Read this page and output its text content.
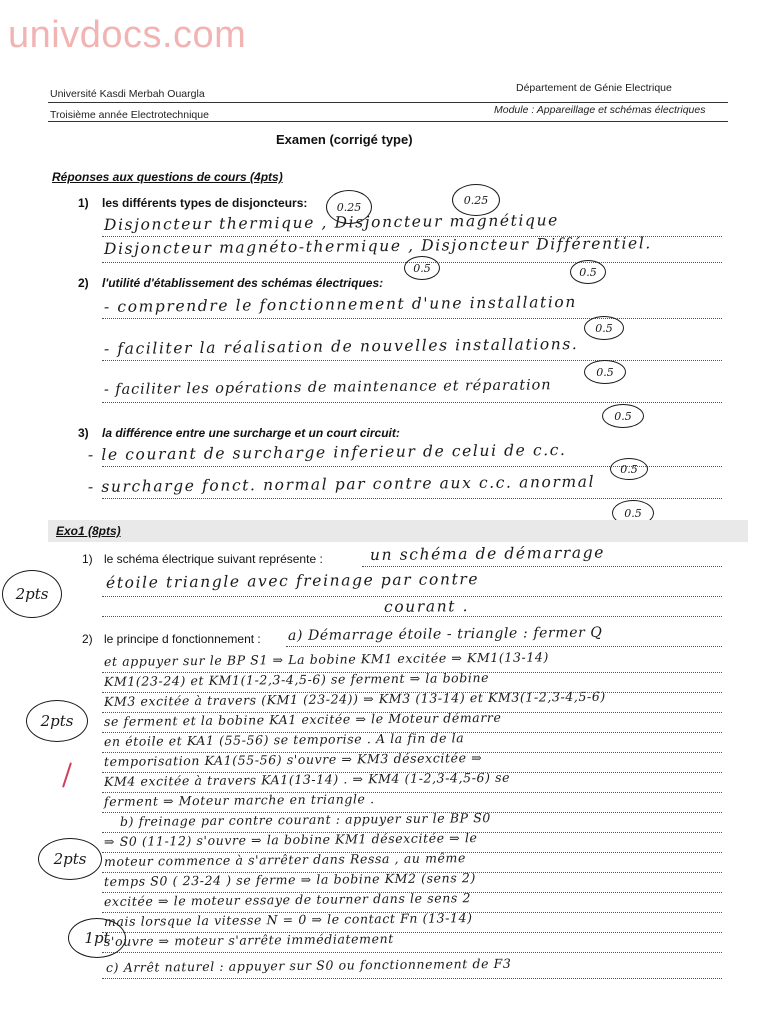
univdocs.com
Université Kasdi Merbah Ouargla	Département de Génie Electrique
Troisième année Electrotechnique	Module : Appareillage et schémas électriques
Examen (corrigé type)
Réponses aux questions de cours (4pts)
1) les différents types de disjoncteurs:	0.25
0.25
Disjoncteur thermique , Disjoncteur magnétique
Disjoncteur magnéto-thermique , Disjoncteur Différentiel.
0.5	0.5
2) l'utilité d'établissement des schémas électriques:
- comprendre le fonctionnement d'une installation
0.5
- faciliter la réalisation de nouvelles installations.
0.5
- faciliter les opérations de maintenance et réparation
0.5
3) la différence entre une surcharge et un court circuit:
- le courant de surcharge inferieur de celui de c.c.
0.5
- surcharge fonct. normal par contre aux c.c. anormal
0.5
Exo1 (8pts)
1) le schéma électrique suivant représente :	un schéma de démarrage
2pts
étoile triangle avec freinage par contre
courant .
2) le principe d fonctionnement : a) Démarrage étoile - triangle : fermer Q
et appuyer sur le BP S1 ⇒ La bobine KM1 excitée ⇒ KM1(13-14)
KM1(23-24) et KM1(1-2,3-4,5-6) se ferment ⇒ la bobine
KM3 excitée à travers (KM1 (23-24)) ⇒ KM3 (13-14) et KM3(1-2,3-4,5-6)
se ferment et la bobine KA1 excitée ⇒ le Moteur démarre
en étoile et KA1 (55-56) se temporise . A la fin de la
temporisation KA1(55-56) s'ouvre ⇒ KM3 désexcitée ⇒
KM4 excitée à travers KA1(13-14) . ⇒ KM4 (1-2,3-4,5-6) se
ferment ⇒ Moteur marche en triangle .
b) freinage par contre courant : appuyer sur le BP S0
⇒ S0 (11-12) s'ouvre ⇒ la bobine KM1 désexcitée ⇒ le
moteur commence à s'arrêter dans Ressa , au même
temps S0 ( 23-24 ) se ferme ⇒ la bobine KM2 (sens 2)
excitée ⇒ le moteur essaye de tourner dans le sens 2
mais lorsque la vitesse N = 0 ⇒ le contact Fn (13-14)
s'ouvre ⇒ moteur s'arrête immédiatement
c) Arrêt naturel : appuyer sur S0 ou fonctionnement de F3
2pts
2pts
1pt
